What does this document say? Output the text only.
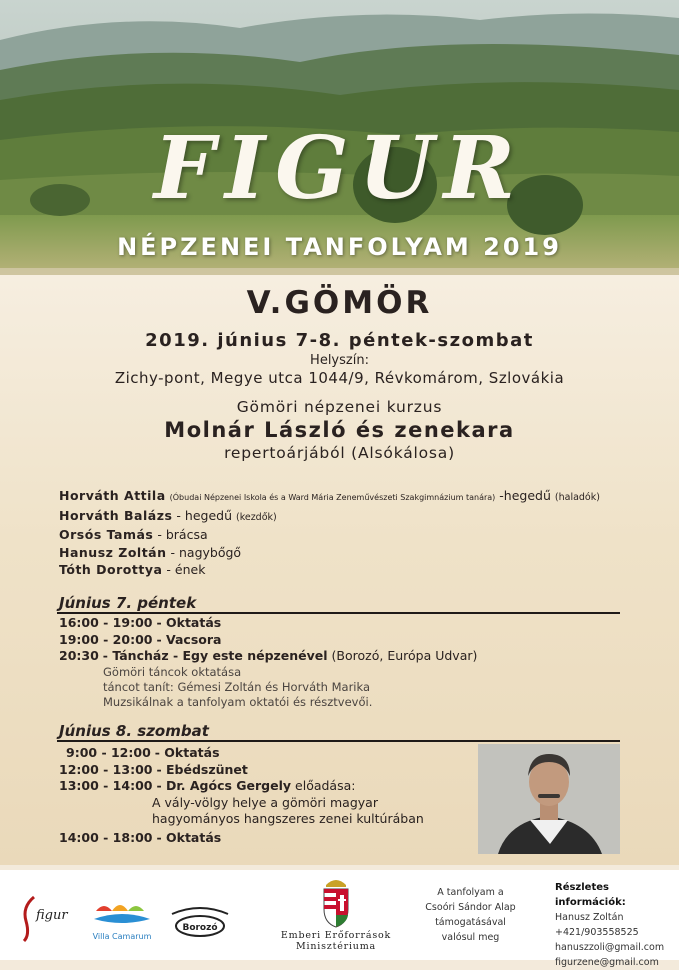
FIGUR
NÉPZENEI TANFOLYAM 2019
V.GÖMÖR
2019. június 7-8. péntek-szombat
Helyszín:
Zichy-pont, Megye utca 1044/9, Révkomárom, Szlovákia
Gömöri népzenei kurzus
Molnár László és zenekara
repertoárjából (Alsókálosa)
Horváth Attila (Óbudai Népzenei Iskola és a Ward Mária Zeneművészeti Szakgimnázium tanára) -hegedű (haladók)
Horváth Balázs - hegedű (kezdők)
Orsós Tamás - brácsa
Hanusz Zoltán - nagybőgő
Tóth Dorottya - ének
Június 7. péntek
16:00 - 19:00 - Oktatás
19:00 - 20:00 - Vacsora
20:30 - Táncház - Egy este népzenével (Borozó, Európa Udvar)
Gömöri táncok oktatása
táncot tanít: Gémesi Zoltán és Horváth Marika
Muzsikálnak a tanfolyam oktatói és résztvevői.
Június 8. szombat
9:00 - 12:00 - Oktatás
12:00 - 13:00 - Ebédszünet
13:00 - 14:00 - Dr. Agócs Gergely előadása:
A vály-völgy helye a gömöri magyar
hagyományos hangszeres zenei kultúrában
14:00 - 18:00 - Oktatás
figur
Villa Camarum
Borozó
Emberi Erőforrások
Minisztériuma
A tanfolyam a
Csoóri Sándor Alap
támogatásával
valósul meg
Részletes információk:
Hanusz Zoltán
+421/903558525
hanuszzoli@gmail.com
figurzene@gmail.com
